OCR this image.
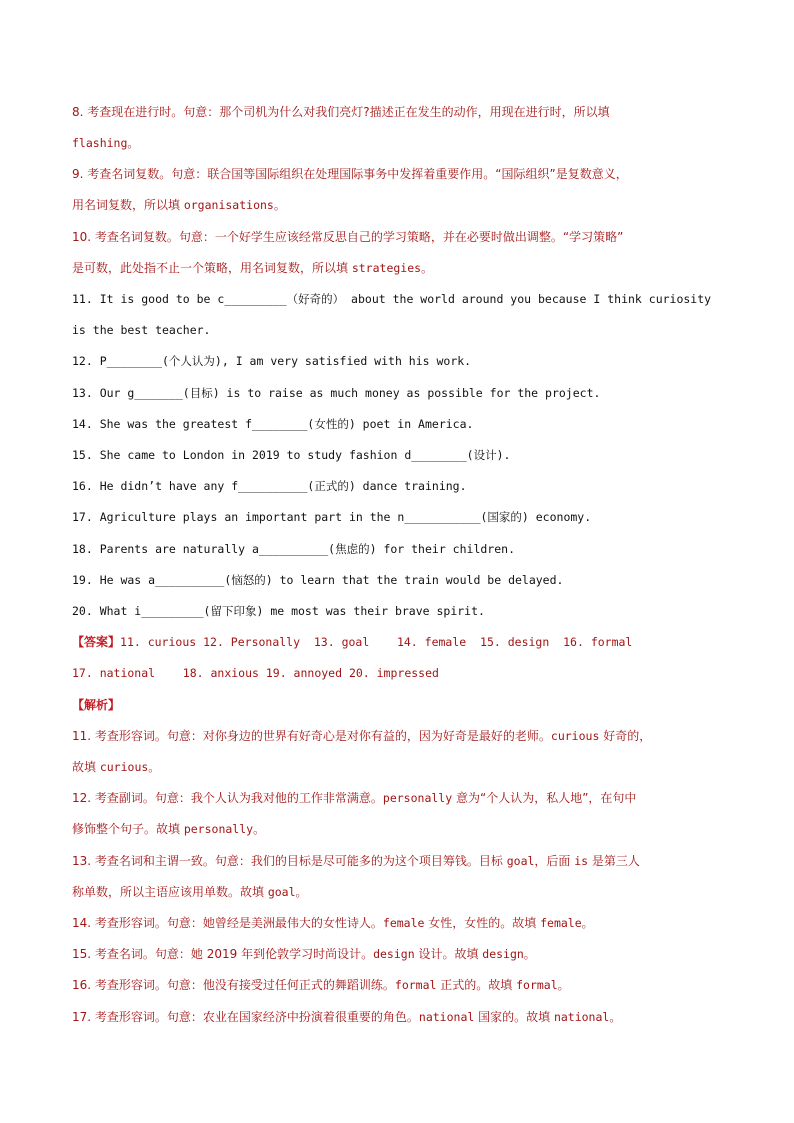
8. 考查现在进行时。句意：那个司机为什么对我们亮灯?描述正在发生的动作，用现在进行时，所以填
flashing。
9. 考查名词复数。句意：联合国等国际组织在处理国际事务中发挥着重要作用。“国际组织”是复数意义，
用名词复数，所以填 organisations。
10. 考查名词复数。句意：一个好学生应该经常反思自己的学习策略，并在必要时做出调整。“学习策略”
是可数，此处指不止一个策略，用名词复数，所以填 strategies。
11. It is good to be c_________（好奇的） about the world around you because I think curiosity
is the best teacher.
12. P________(个人认为), I am very satisfied with his work.
13. Our g_______(目标) is to raise as much money as possible for the project.
14. She was the greatest f________(女性的) poet in America.
15. She came to London in 2019 to study fashion d________(设计).
16. He didn’t have any f__________(正式的) dance training.
17. Agriculture plays an important part in the n___________(国家的) economy.
18. Parents are naturally a__________(焦虑的) for their children.
19. He was a__________(恼怒的) to learn that the train would be delayed.
20. What i_________(留下印象) me most was their brave spirit.
【答案】11. curious 12. Personally  13. goal    14. female  15. design  16. formal
17. national    18. anxious 19. annoyed 20. impressed
【解析】
11. 考查形容词。句意：对你身边的世界有好奇心是对你有益的，因为好奇是最好的老师。curious 好奇的，
故填 curious。
12. 考查副词。句意：我个人认为我对他的工作非常满意。personally 意为“个人认为，私人地”，在句中
修饰整个句子。故填 personally。
13. 考查名词和主谓一致。句意：我们的目标是尽可能多的为这个项目筹钱。目标 goal，后面 is 是第三人
称单数，所以主语应该用单数。故填 goal。
14. 考查形容词。句意：她曾经是美洲最伟大的女性诗人。female 女性，女性的。故填 female。
15. 考查名词。句意：她 2019 年到伦敦学习时尚设计。design 设计。故填 design。
16. 考查形容词。句意：他没有接受过任何正式的舞蹈训练。formal 正式的。故填 formal。
17. 考查形容词。句意：农业在国家经济中扮演着很重要的角色。national 国家的。故填 national。
